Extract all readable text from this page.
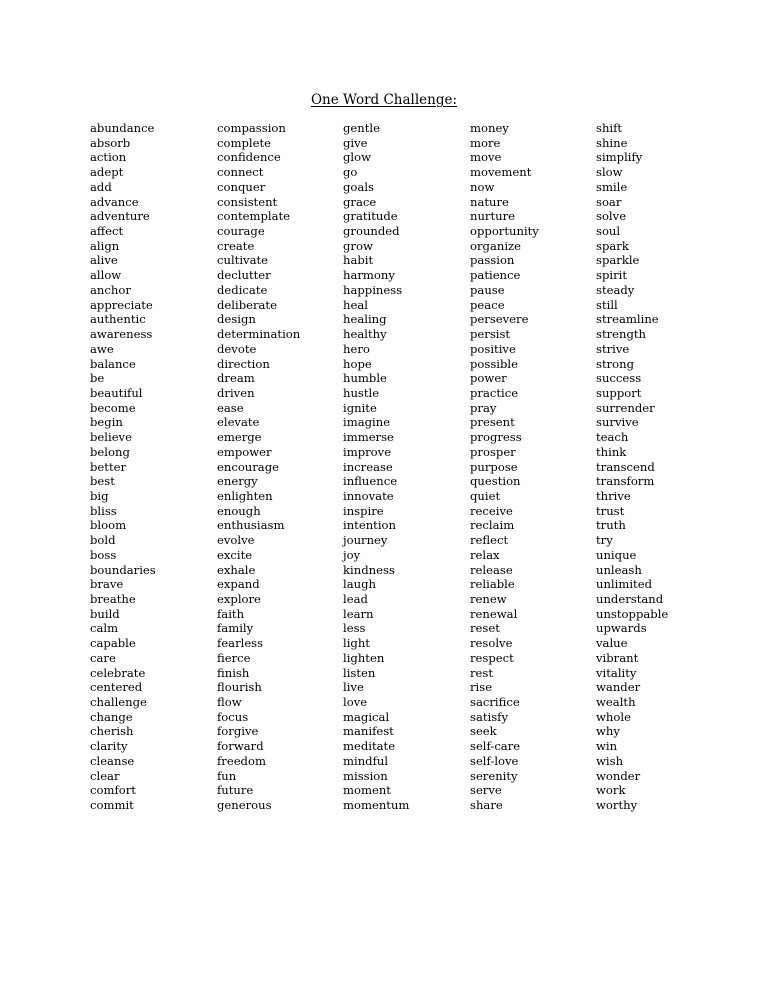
One Word Challenge:
abundance
absorb
action
adept
add
advance
adventure
affect
align
alive
allow
anchor
appreciate
authentic
awareness
awe
balance
be
beautiful
become
begin
believe
belong
better
best
big
bliss
bloom
bold
boss
boundaries
brave
breathe
build
calm
capable
care
celebrate
centered
challenge
change
cherish
clarity
cleanse
clear
comfort
commit
compassion
complete
confidence
connect
conquer
consistent
contemplate
courage
create
cultivate
declutter
dedicate
deliberate
design
determination
devote
direction
dream
driven
ease
elevate
emerge
empower
encourage
energy
enlighten
enough
enthusiasm
evolve
excite
exhale
expand
explore
faith
family
fearless
fierce
finish
flourish
flow
focus
forgive
forward
freedom
fun
future
generous
gentle
give
glow
go
goals
grace
gratitude
grounded
grow
habit
harmony
happiness
heal
healing
healthy
hero
hope
humble
hustle
ignite
imagine
immerse
improve
increase
influence
innovate
inspire
intention
journey
joy
kindness
laugh
lead
learn
less
light
lighten
listen
live
love
magical
manifest
meditate
mindful
mission
moment
momentum
money
more
move
movement
now
nature
nurture
opportunity
organize
passion
patience
pause
peace
persevere
persist
positive
possible
power
practice
pray
present
progress
prosper
purpose
question
quiet
receive
reclaim
reflect
relax
release
reliable
renew
renewal
reset
resolve
respect
rest
rise
sacrifice
satisfy
seek
self-care
self-love
serenity
serve
share
shift
shine
simplify
slow
smile
soar
solve
soul
spark
sparkle
spirit
steady
still
streamline
strength
strive
strong
success
support
surrender
survive
teach
think
transcend
transform
thrive
trust
truth
try
unique
unleash
unlimited
understand
unstoppable
upwards
value
vibrant
vitality
wander
wealth
whole
why
win
wish
wonder
work
worthy
